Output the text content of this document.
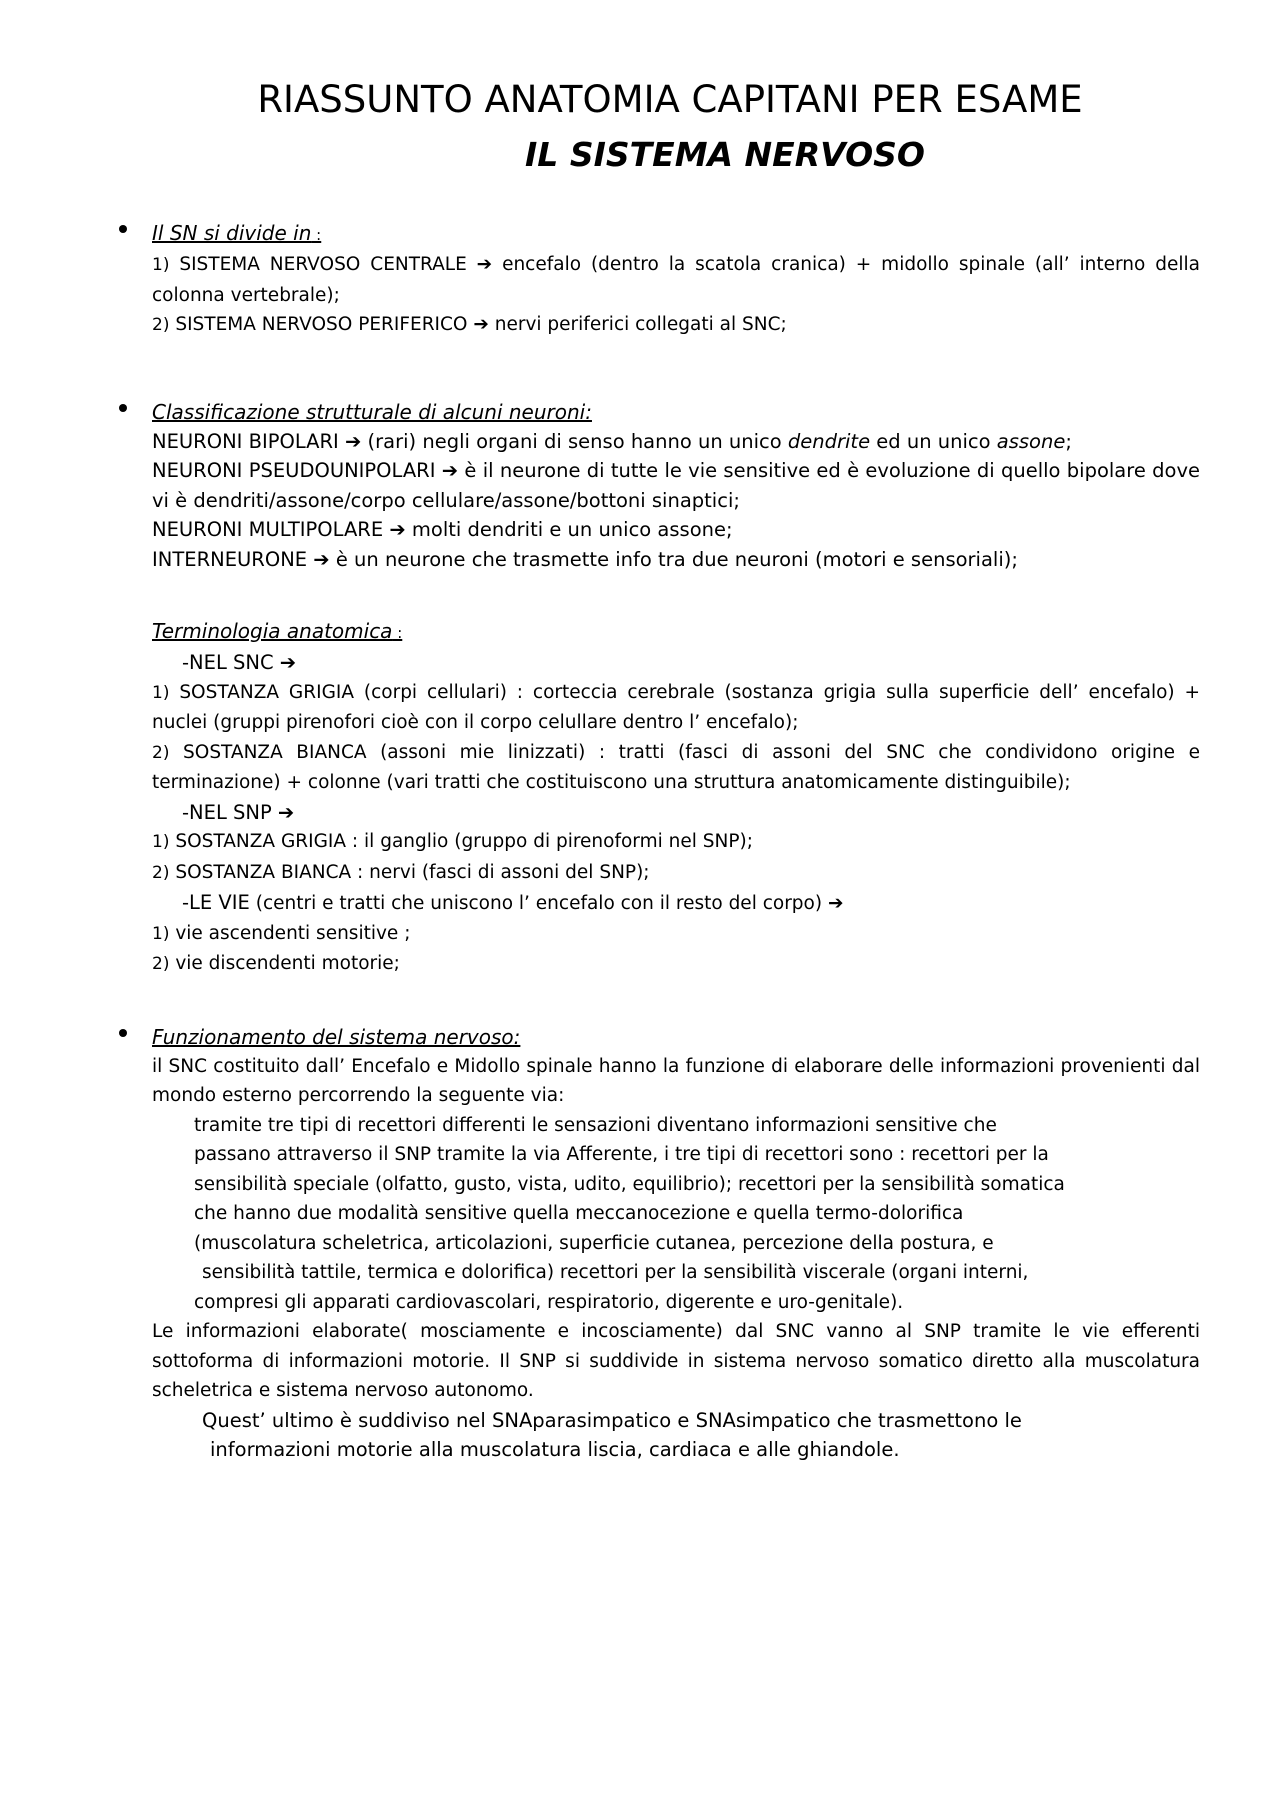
RIASSUNTO ANATOMIA CAPITANI PER ESAME
IL SISTEMA NERVOSO
Il SN si divide in :
1) SISTEMA NERVOSO CENTRALE ➔ encefalo (dentro la scatola cranica) + midollo spinale (all’ interno della colonna vertebrale);
2) SISTEMA NERVOSO PERIFERICO ➔ nervi periferici collegati al SNC;
Classificazione strutturale di alcuni neuroni:
NEURONI BIPOLARI ➔ (rari) negli organi di senso hanno un unico dendrite ed un unico assone;
NEURONI PSEUDOUNIPOLARI ➔ è il neurone di tutte le vie sensitive ed è evoluzione di quello bipolare dove vi è dendriti/assone/corpo cellulare/assone/bottoni sinaptici;
NEURONI MULTIPOLARE ➔ molti dendriti e un unico assone;
INTERNEURONE ➔ è un neurone che trasmette info tra due neuroni (motori e sensoriali);
Terminologia anatomica :
-NEL SNC ➔
1) SOSTANZA GRIGIA (corpi cellulari) : corteccia cerebrale (sostanza grigia sulla superficie dell’ encefalo) + nuclei (gruppi pirenofori cioè con il corpo celullare dentro l’ encefalo);
2) SOSTANZA BIANCA (assoni mie linizzati) : tratti (fasci di assoni del SNC che condividono origine e terminazione) + colonne (vari tratti che costituiscono una struttura anatomicamente distinguibile);
-NEL SNP ➔
1) SOSTANZA GRIGIA : il ganglio (gruppo di pirenoformi nel SNP);
2) SOSTANZA BIANCA : nervi (fasci di assoni del SNP);
-LE VIE (centri e tratti che uniscono l’ encefalo con il resto del corpo) ➔
1) vie ascendenti sensitive ;
2) vie discendenti motorie;
Funzionamento del sistema nervoso:
il SNC costituito dall’ Encefalo e Midollo spinale hanno la funzione di elaborare delle informazioni provenienti dal mondo esterno percorrendo la seguente via:
tramite tre tipi di recettori differenti le sensazioni diventano informazioni sensitive che
passano attraverso il SNP tramite la via Afferente, i tre tipi di recettori sono : recettori per la
sensibilità speciale (olfatto, gusto, vista, udito, equilibrio); recettori per la sensibilità somatica
che hanno due modalità sensitive quella meccanocezione e quella termo-dolorifica
(muscolatura scheletrica, articolazioni, superficie cutanea, percezione della postura, e
sensibilità tattile, termica e dolorifica) recettori per la sensibilità viscerale (organi interni,
compresi gli apparati cardiovascolari, respiratorio, digerente e uro-genitale).
Le informazioni elaborate( mosciamente e incosciamente) dal SNC vanno al SNP tramite le vie efferenti sottoforma di informazioni motorie. Il SNP si suddivide in sistema nervoso somatico diretto alla muscolatura scheletrica e sistema nervoso autonomo.
Quest’ ultimo è suddiviso nel SNAparasimpatico e SNAsimpatico che trasmettono le
informazioni motorie alla muscolatura liscia, cardiaca e alle ghiandole.
